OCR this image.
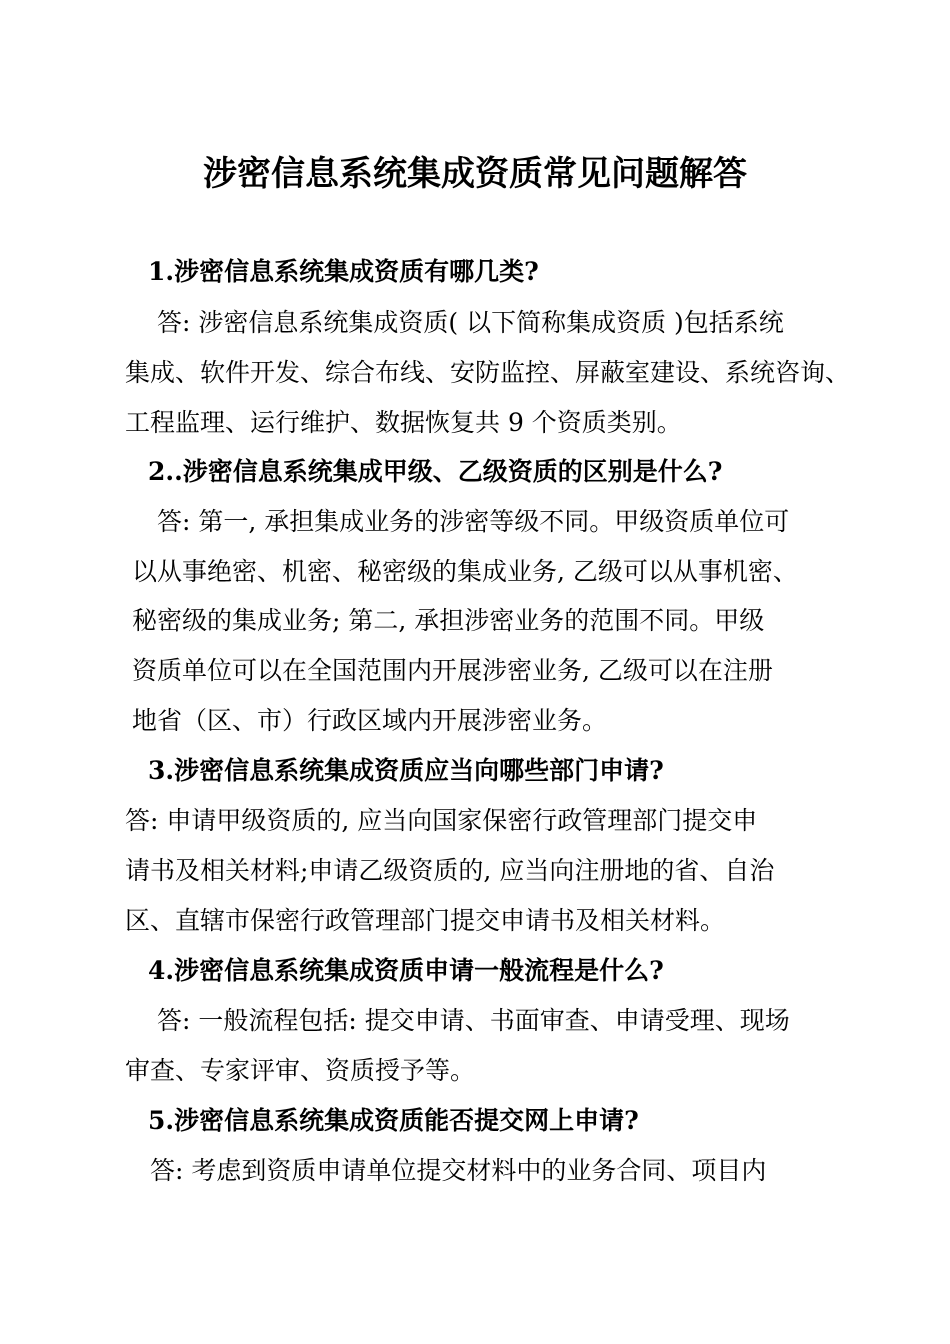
涉密信息系统集成资质常见问题解答
1.涉密信息系统集成资质有哪几类?
答: 涉密信息系统集成资质( 以下简称集成资质 )包括系统
集成、软件开发、综合布线、安防监控、屏蔽室建设、系统咨询、
工程监理、运行维护、数据恢复共 9 个资质类别。
2..涉密信息系统集成甲级、乙级资质的区别是什么?
答: 第一, 承担集成业务的涉密等级不同。甲级资质单位可
以从事绝密、机密、秘密级的集成业务, 乙级可以从事机密、
秘密级的集成业务; 第二, 承担涉密业务的范围不同。甲级
资质单位可以在全国范围内开展涉密业务, 乙级可以在注册
地省（区、市）行政区域内开展涉密业务。
3.涉密信息系统集成资质应当向哪些部门申请?
答: 申请甲级资质的, 应当向国家保密行政管理部门提交申
请书及相关材料;申请乙级资质的, 应当向注册地的省、自治
区、直辖市保密行政管理部门提交申请书及相关材料。
4.涉密信息系统集成资质申请一般流程是什么?
答: 一般流程包括: 提交申请、书面审查、申请受理、现场
审查、专家评审、资质授予等。
5.涉密信息系统集成资质能否提交网上申请?
答: 考虑到资质申请单位提交材料中的业务合同、项目内
